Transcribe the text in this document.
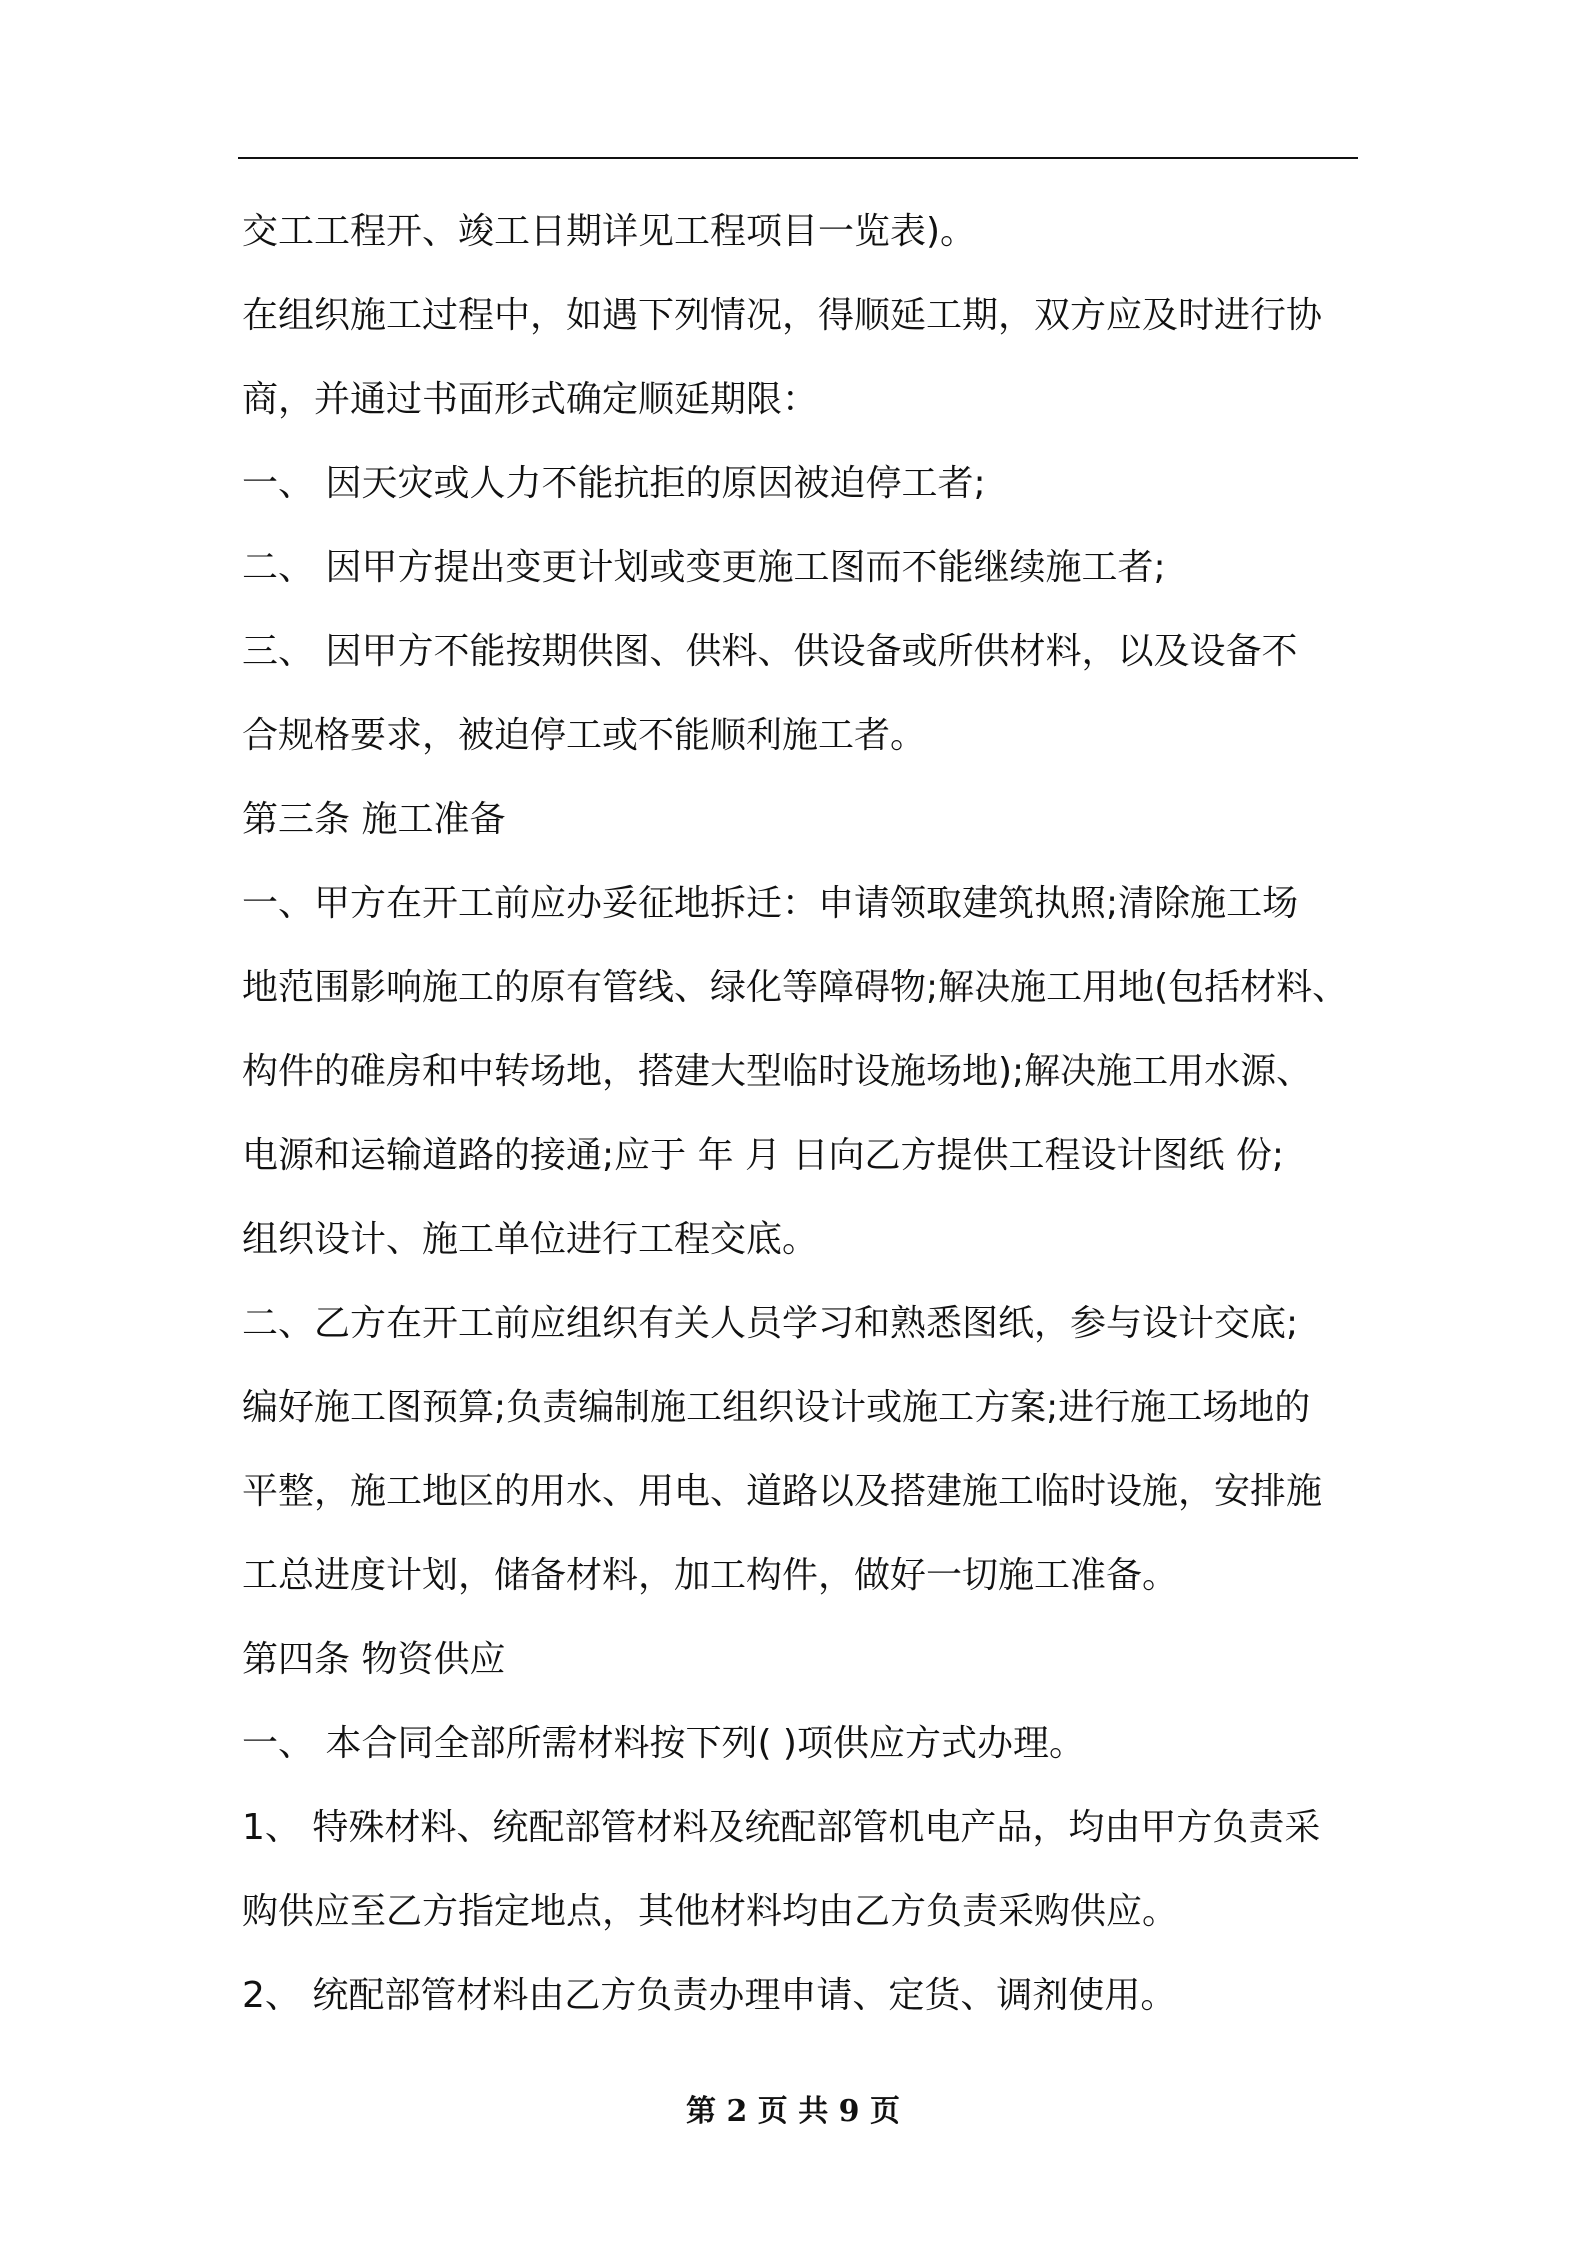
交工工程开、竣工日期详见工程项目一览表)。
在组织施工过程中，如遇下列情况，得顺延工期，双方应及时进行协
商，并通过书面形式确定顺延期限：
一、 因天灾或人力不能抗拒的原因被迫停工者;
二、 因甲方提出变更计划或变更施工图而不能继续施工者;
三、 因甲方不能按期供图、供料、供设备或所供材料，以及设备不
合规格要求，被迫停工或不能顺利施工者。
第三条 施工准备
一、甲方在开工前应办妥征地拆迁：申请领取建筑执照;清除施工场
地范围影响施工的原有管线、绿化等障碍物;解决施工用地(包括材料、
构件的碓房和中转场地，搭建大型临时设施场地);解决施工用水源、
电源和运输道路的接通;应于 年 月 日向乙方提供工程设计图纸 份;
组织设计、施工单位进行工程交底。
二、乙方在开工前应组织有关人员学习和熟悉图纸，参与设计交底;
编好施工图预算;负责编制施工组织设计或施工方案;进行施工场地的
平整，施工地区的用水、用电、道路以及搭建施工临时设施，安排施
工总进度计划，储备材料，加工构件，做好一切施工准备。
第四条 物资供应
一、 本合同全部所需材料按下列( )项供应方式办理。
1、 特殊材料、统配部管材料及统配部管机电产品，均由甲方负责采
购供应至乙方指定地点，其他材料均由乙方负责采购供应。
2、 统配部管材料由乙方负责办理申请、定货、调剂使用。
第 2 页 共 9 页
